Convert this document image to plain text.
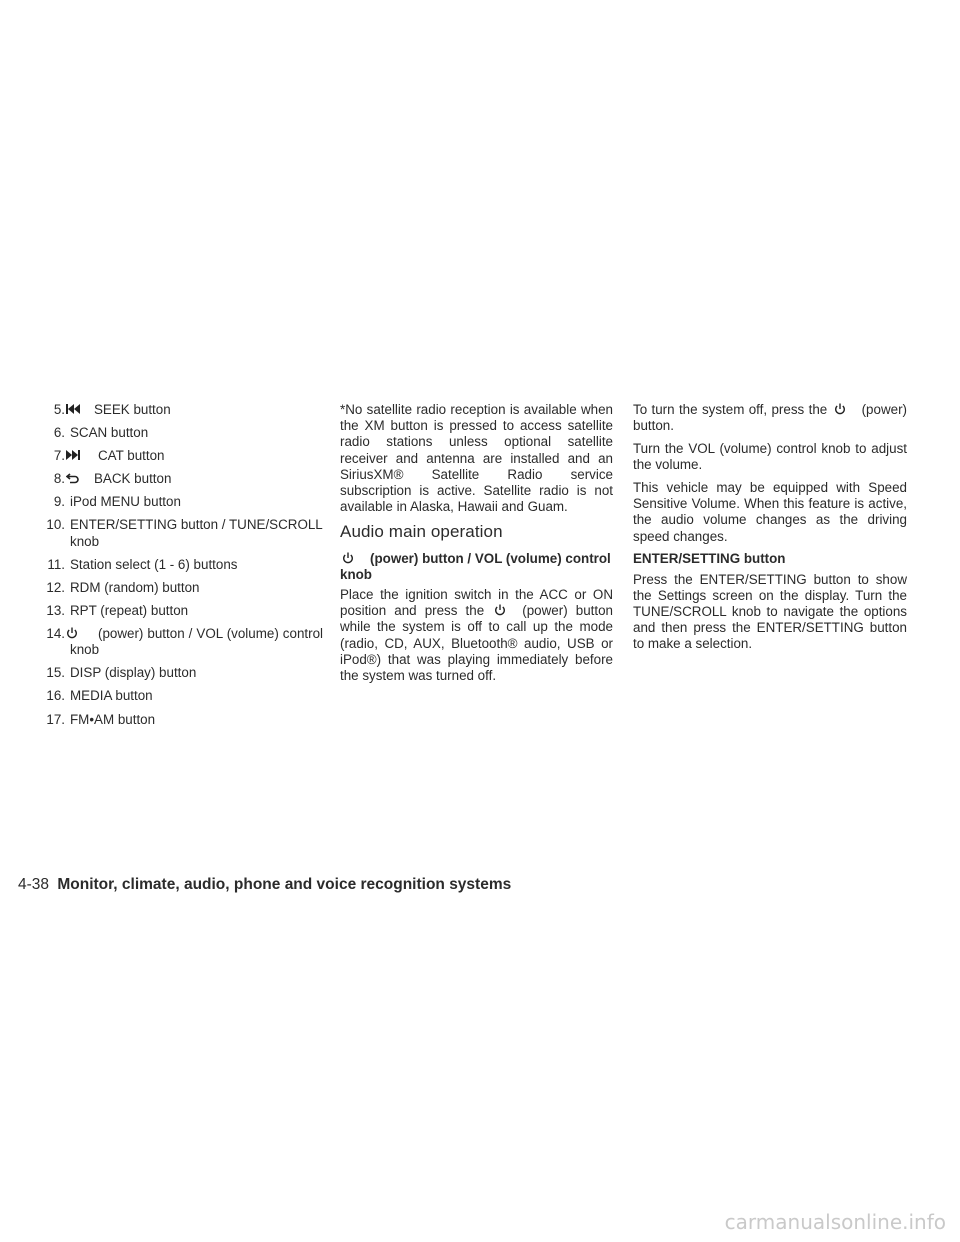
5. SEEK button
6. SCAN button
7. CAT button
8. BACK button
9. iPod MENU button
10. ENTER/SETTING button / TUNE/SCROLL knob
11. Station select (1 - 6) buttons
12. RDM (random) button
13. RPT (repeat) button
14. (power) button / VOL (volume) control knob
15. DISP (display) button
16. MEDIA button
17. FM•AM button

*No satellite radio reception is available when the XM button is pressed to access satellite radio stations unless optional satellite receiver and antenna are installed and an SiriusXM® Satellite Radio service subscription is active. Satellite radio is not available in Alaska, Hawaii and Guam.

Audio main operation

(power) button / VOL (volume) control knob

Place the ignition switch in the ACC or ON position and press the	(power) button while the system is off to call up the mode (radio, CD, AUX, Bluetooth® audio, USB or iPod®) that was playing immediately before the system was turned off.

To turn the system off, press the	(power) button.

Turn the VOL (volume) control knob to adjust the volume.

This vehicle may be equipped with Speed Sensitive Volume. When this feature is active, the audio volume changes as the driving speed changes.

ENTER/SETTING button

Press the ENTER/SETTING button to show the Settings screen on the display. Turn the TUNE/SCROLL knob to navigate the options and then press the ENTER/SETTING button to make a selection.

4-38 Monitor, climate, audio, phone and voice recognition systems
carmanualsonline.info
